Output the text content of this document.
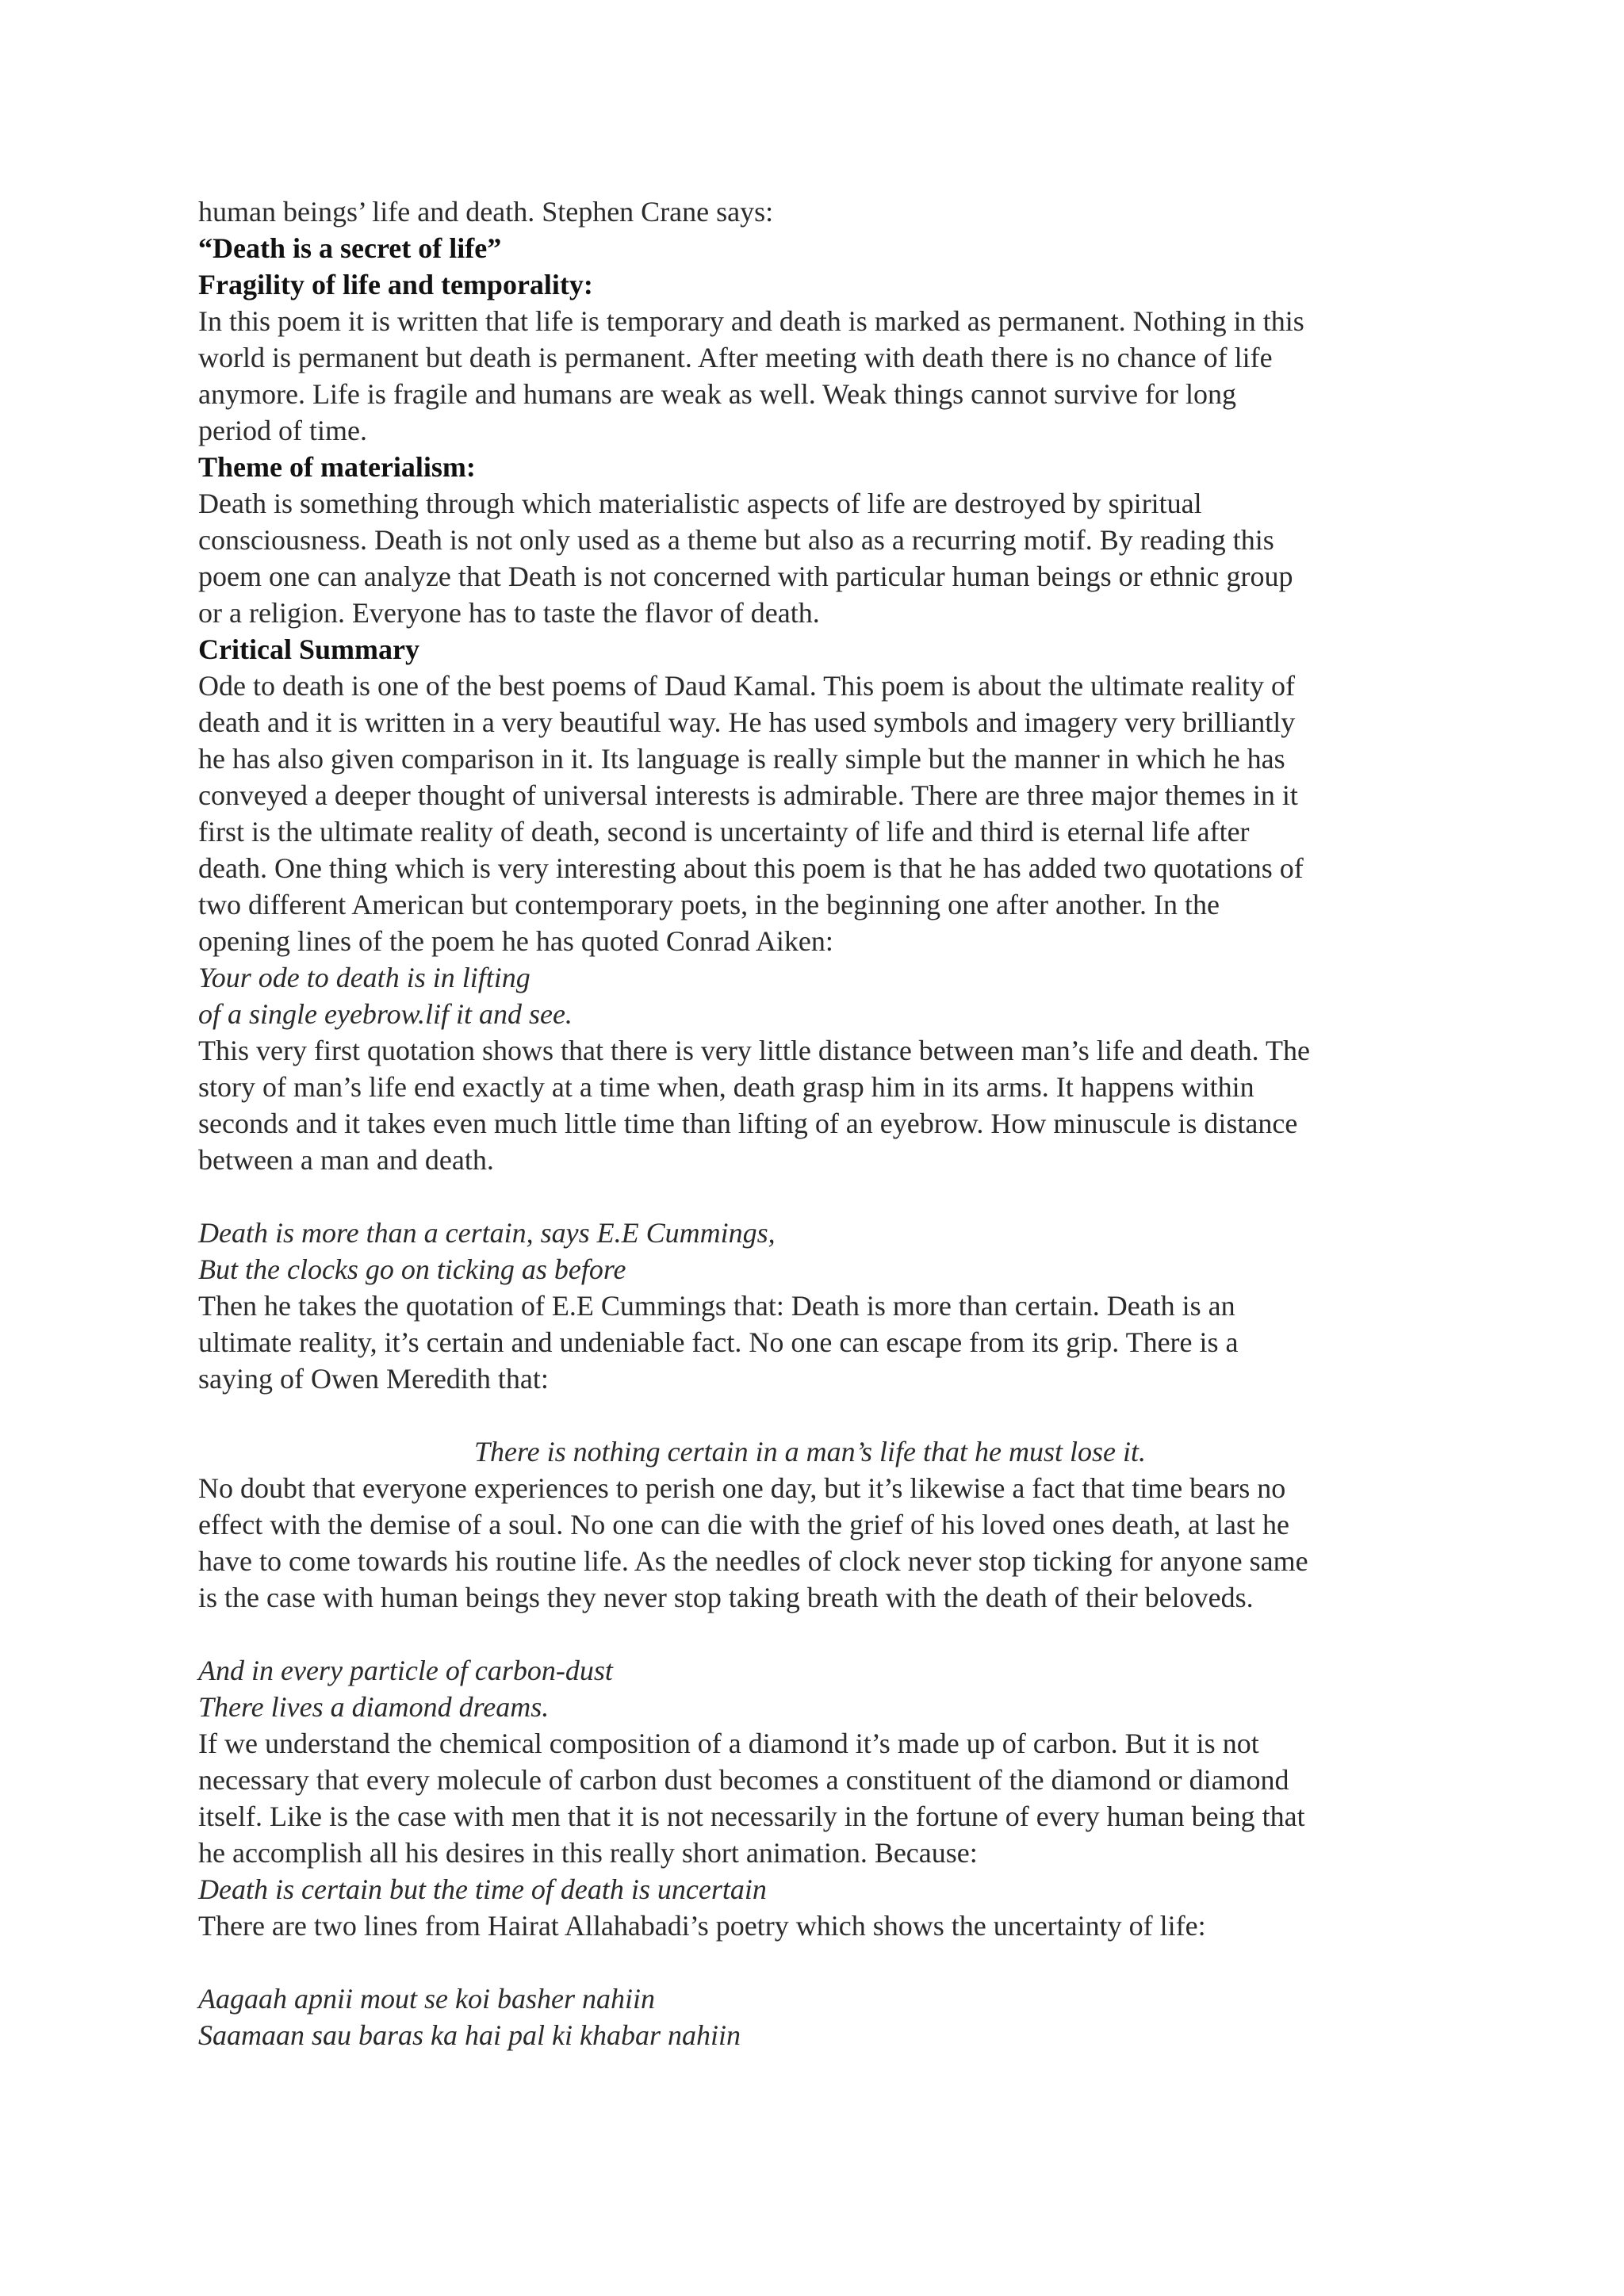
human beings’ life and death. Stephen Crane says:
“Death is a secret of life”
Fragility of life and temporality:
In this poem it is written that life is temporary and death is marked as permanent. Nothing in this
world is permanent but death is permanent. After meeting with death there is no chance of life
anymore. Life is fragile and humans are weak as well. Weak things cannot survive for long
period of time.
Theme of materialism:
Death is something through which materialistic aspects of life are destroyed by spiritual
consciousness. Death is not only used as a theme but also as a recurring motif. By reading this
poem one can analyze that Death is not concerned with particular human beings or ethnic group
or a religion. Everyone has to taste the flavor of death.
Critical Summary
Ode to death is one of the best poems of Daud Kamal. This poem is about the ultimate reality of
death and it is written in a very beautiful way. He has used symbols and imagery very brilliantly
he has also given comparison in it. Its language is really simple but the manner in which he has
conveyed a deeper thought of universal interests is admirable. There are three major themes in it
first is the ultimate reality of death, second is uncertainty of life and third is eternal life after
death. One thing which is very interesting about this poem is that he has added two quotations of
two different American but contemporary poets, in the beginning one after another. In the
opening lines of the poem he has quoted Conrad Aiken:
Your ode to death is in lifting
of a single eyebrow.lif it and see.
This very first quotation shows that there is very little distance between man’s life and death. The
story of man’s life end exactly at a time when, death grasp him in its arms. It happens within
seconds and it takes even much little time than lifting of an eyebrow. How minuscule is distance
between a man and death.
Death is more than a certain, says E.E Cummings,
But the clocks go on ticking as before
Then he takes the quotation of E.E Cummings that: Death is more than certain. Death is an
ultimate reality, it’s certain and undeniable fact. No one can escape from its grip. There is a
saying of Owen Meredith that:
There is nothing certain in a man’s life that he must lose it.
No doubt that everyone experiences to perish one day, but it’s likewise a fact that time bears no
effect with the demise of a soul. No one can die with the grief of his loved ones death, at last he
have to come towards his routine life. As the needles of clock never stop ticking for anyone same
is the case with human beings they never stop taking breath with the death of their beloveds.
And in every particle of carbon-dust
There lives a diamond dreams.
If we understand the chemical composition of a diamond it’s made up of carbon. But it is not
necessary that every molecule of carbon dust becomes a constituent of the diamond or diamond
itself. Like is the case with men that it is not necessarily in the fortune of every human being that
he accomplish all his desires in this really short animation. Because:
Death is certain but the time of death is uncertain
There are two lines from Hairat Allahabadi’s poetry which shows the uncertainty of life:
Aagaah apnii mout se koi basher nahiin
Saamaan sau baras ka hai pal ki khabar nahiin
